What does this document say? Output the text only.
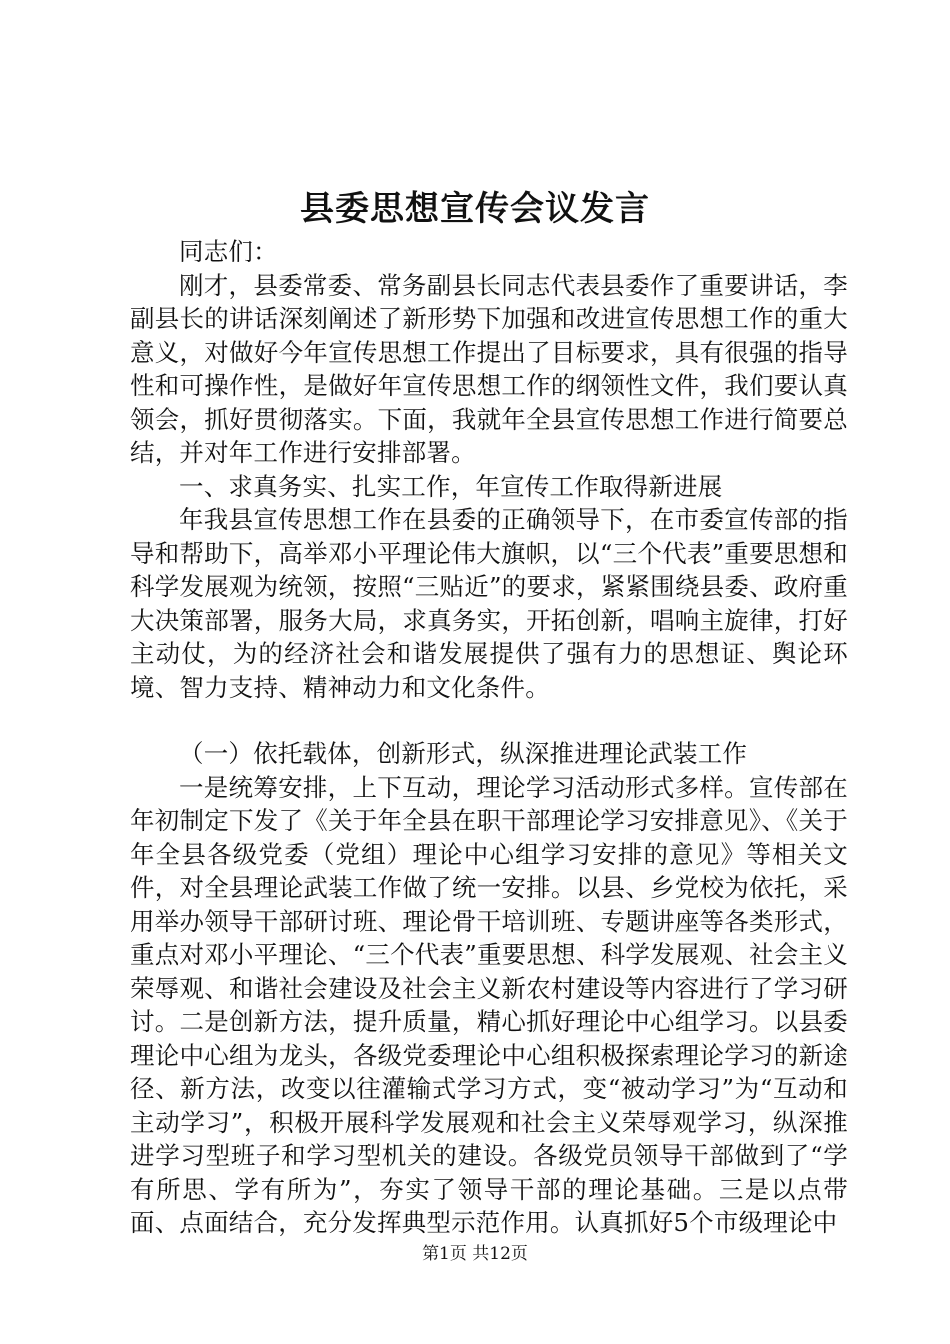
县委思想宣传会议发言

同志们：

刚才，县委常委、常务副县长同志代表县委作了重要讲话，李副县长的讲话深刻阐述了新形势下加强和改进宣传思想工作的重大意义，对做好今年宣传思想工作提出了目标要求，具有很强的指导性和可操作性，是做好年宣传思想工作的纲领性文件，我们要认真领会，抓好贯彻落实。下面，我就年全县宣传思想工作进行简要总结，并对年工作进行安排部署。

一、求真务实、扎实工作，年宣传工作取得新进展

年我县宣传思想工作在县委的正确领导下，在市委宣传部的指导和帮助下，高举邓小平理论伟大旗帜，以“三个代表”重要思想和科学发展观为统领，按照“三贴近”的要求，紧紧围绕县委、政府重大决策部署，服务大局，求真务实，开拓创新，唱响主旋律，打好主动仗，为的经济社会和谐发展提供了强有力的思想证、舆论环境、智力支持、精神动力和文化条件。

（一）依托载体，创新形式，纵深推进理论武装工作

一是统筹安排，上下互动，理论学习活动形式多样。宣传部在年初制定下发了《关于年全县在职干部理论学习安排意见》、《关于年全县各级党委（党组）理论中心组学习安排的意见》等相关文件，对全县理论武装工作做了统一安排。以县、乡党校为依托，采用举办领导干部研讨班、理论骨干培训班、专题讲座等各类形式，重点对邓小平理论、“三个代表”重要思想、科学发展观、社会主义荣辱观、和谐社会建设及社会主义新农村建设等内容进行了学习研讨。二是创新方法，提升质量，精心抓好理论中心组学习。以县委理论中心组为龙头，各级党委理论中心组积极探索理论学习的新途径、新方法，改变以往灌输式学习方式，变“被动学习”为“互动和主动学习”，积极开展科学发展观和社会主义荣辱观学习，纵深推进学习型班子和学习型机关的建设。各级党员领导干部做到了“学有所思、学有所为”，夯实了领导干部的理论基础。三是以点带面、点面结合，充分发挥典型示范作用。认真抓好5个市级理论中

第1页 共12页
